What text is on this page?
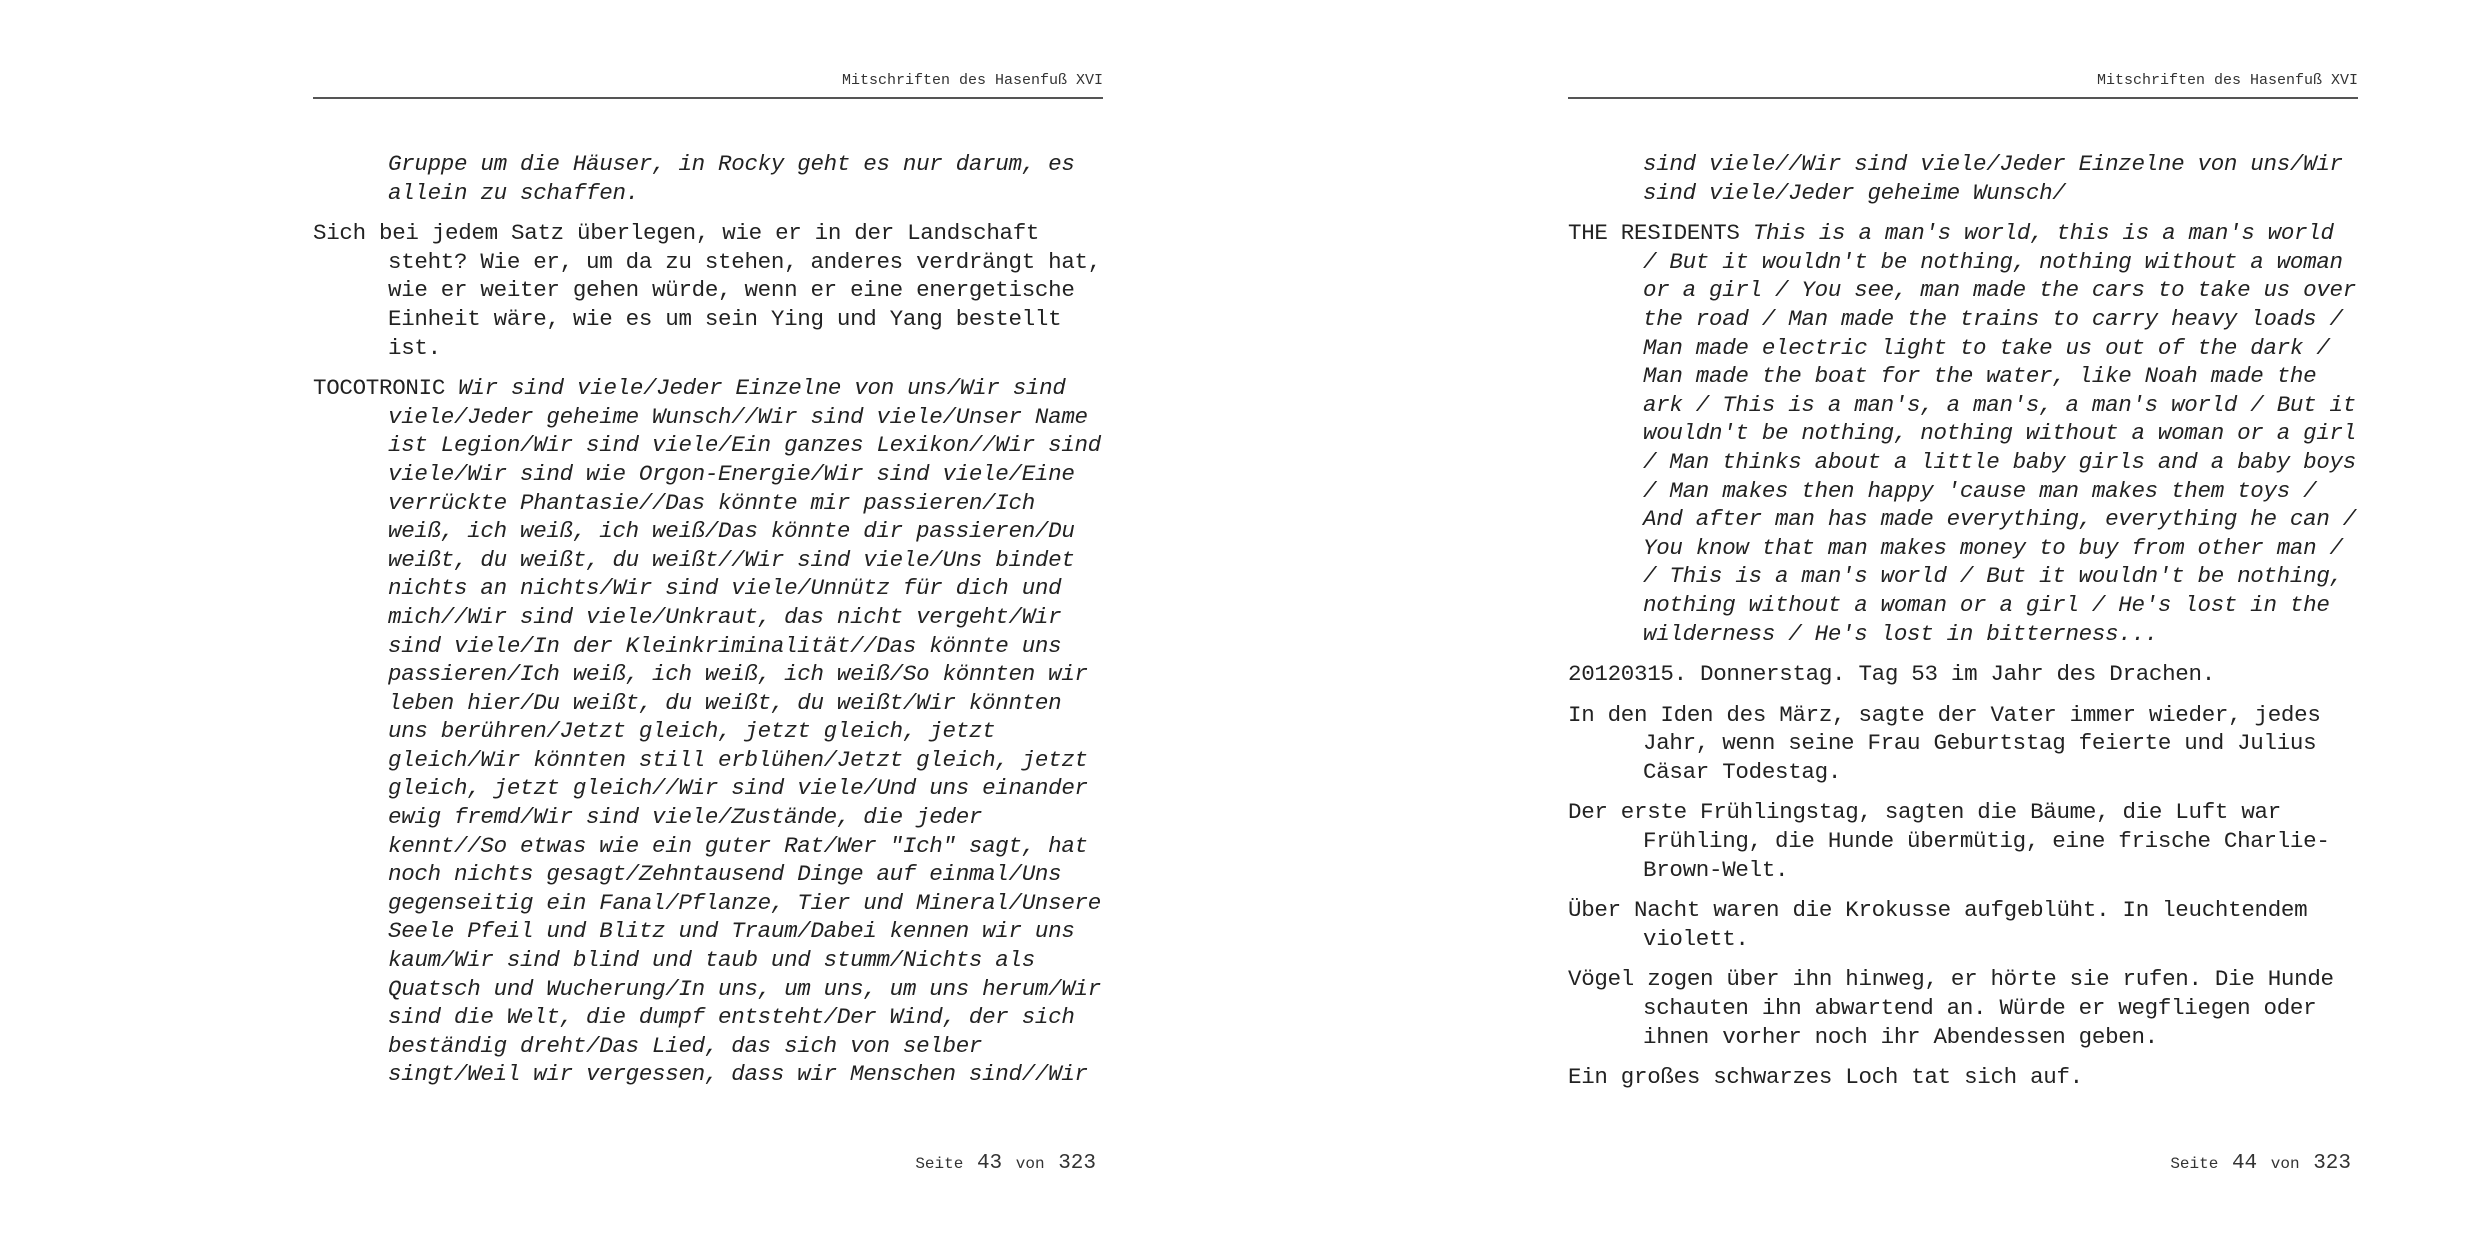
Mitschriften des Hasenfuß XVI

Gruppe um die Häuser, in Rocky geht es nur darum, es allein zu schaffen.

Sich bei jedem Satz überlegen, wie er in der Landschaft steht? Wie er, um da zu stehen, anderes verdrängt hat, wie er weiter gehen würde, wenn er eine energetische Einheit wäre, wie es um sein Ying und Yang bestellt ist.

TOCOTRONIC Wir sind viele/Jeder Einzelne von uns/Wir sind viele/Jeder geheime Wunsch//Wir sind viele/Unser Name ist Legion/Wir sind viele/Ein ganzes Lexikon//Wir sind viele/Wir sind wie Orgon-Energie/Wir sind viele/Eine verrückte Phantasie//Das könnte mir passieren/Ich weiß, ich weiß, ich weiß/Das könnte dir passieren/Du weißt, du weißt, du weißt//Wir sind viele/Uns bindet nichts an nichts/Wir sind viele/Unnütz für dich und mich//Wir sind viele/Unkraut, das nicht vergeht/Wir sind viele/In der Kleinkriminalität//Das könnte uns passieren/Ich weiß, ich weiß, ich weiß/So könnten wir leben hier/Du weißt, du weißt, du weißt/Wir könnten uns berühren/Jetzt gleich, jetzt gleich, jetzt gleich/Wir könnten still erblühen/Jetzt gleich, jetzt gleich, jetzt gleich//Wir sind viele/Und uns einander ewig fremd/Wir sind viele/Zustände, die jeder kennt//So etwas wie ein guter Rat/Wer "Ich" sagt, hat noch nichts gesagt/Zehntausend Dinge auf einmal/Uns gegenseitig ein Fanal/Pflanze, Tier und Mineral/Unsere Seele Pfeil und Blitz und Traum/Dabei kennen wir uns kaum/Wir sind blind und taub und stumm/Nichts als Quatsch und Wucherung/In uns, um uns, um uns herum/Wir sind die Welt, die dumpf entsteht/Der Wind, der sich beständig dreht/Das Lied, das sich von selber singt/Weil wir vergessen, dass wir Menschen sind//Wir

Seite 43 von 323
Mitschriften des Hasenfuß XVI

sind viele//Wir sind viele/Jeder Einzelne von uns/Wir sind viele/Jeder geheime Wunsch/

THE RESIDENTS This is a man's world, this is a man's world / But it wouldn't be nothing, nothing without a woman or a girl / You see, man made the cars to take us over the road / Man made the trains to carry heavy loads / Man made electric light to take us out of the dark / Man made the boat for the water, like Noah made the ark / This is a man's, a man's, a man's world / But it wouldn't be nothing, nothing without a woman or a girl / Man thinks about a little baby girls and a baby boys / Man makes then happy 'cause man makes them toys / And after man has made everything, everything he can / You know that man makes money to buy from other man / / This is a man's world / But it wouldn't be nothing, nothing without a woman or a girl / He's lost in the wilderness / He's lost in bitterness...

20120315. Donnerstag. Tag 53 im Jahr des Drachen.

In den Iden des März, sagte der Vater immer wieder, jedes Jahr, wenn seine Frau Geburtstag feierte und Julius Cäsar Todestag.

Der erste Frühlingstag, sagten die Bäume, die Luft war Frühling, die Hunde übermütig, eine frische Charlie-Brown-Welt.

Über Nacht waren die Krokusse aufgeblüht. In leuchtendem violett.

Vögel zogen über ihn hinweg, er hörte sie rufen. Die Hunde schauten ihn abwartend an. Würde er wegfliegen oder ihnen vorher noch ihr Abendessen geben.

Ein großes schwarzes Loch tat sich auf.

Seite 44 von 323
